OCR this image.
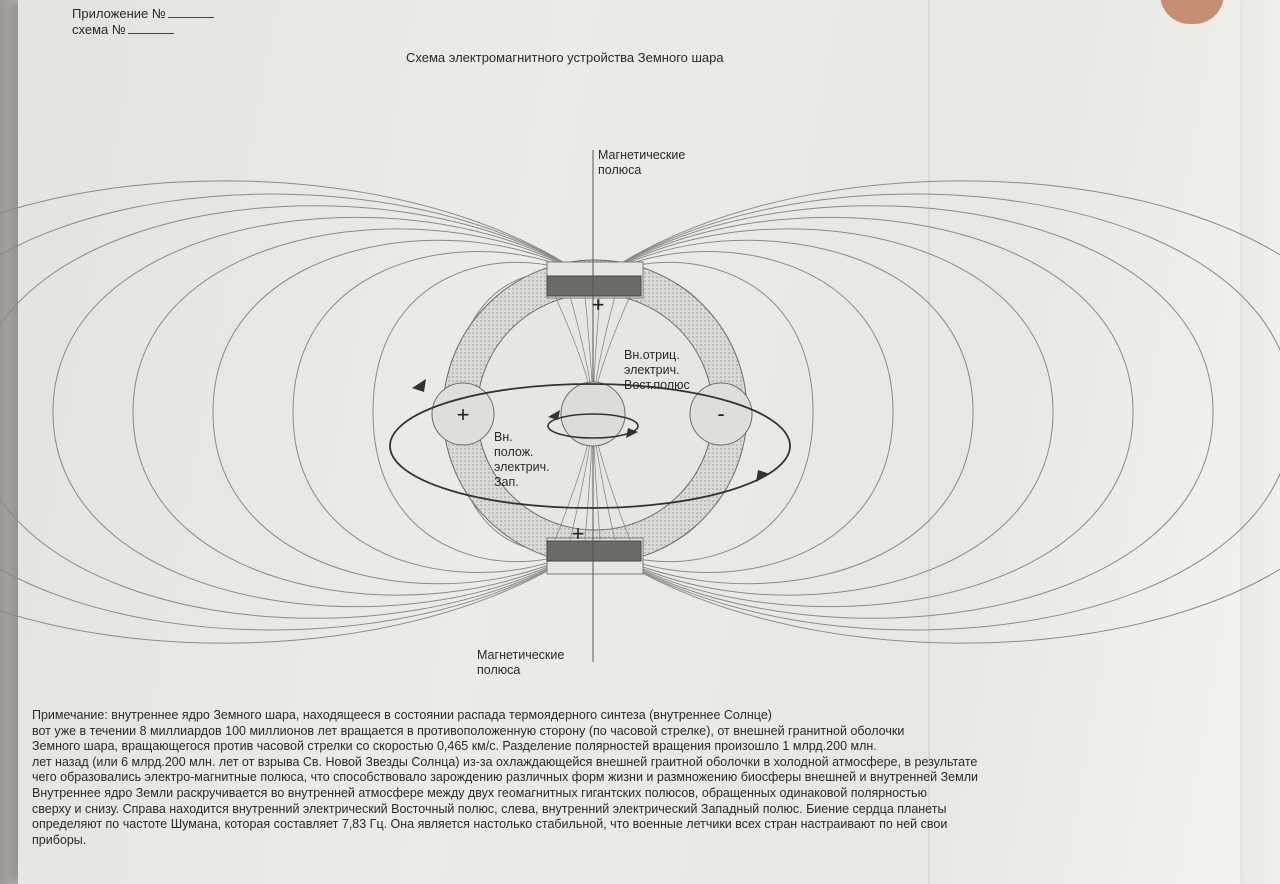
Приложение №
схема №
Схема электромагнитного устройства Земного шара
+
+
+	-
Магнетические
полюса
Магнетические
полюса
Вн.отриц.
электрич.
Вост.полюс
Вн.
полож.
электрич.
Зап.

Примечание: внутреннее ядро Земного шара, находящееся в состоянии распада термоядерного синтеза (внутреннее Солнце)

вот уже в течении 8 миллиардов 100 миллионов лет вращается в противоположенную сторону (по часовой стрелке), от внешней гранитной оболочки

Земного шара, вращающегося против часовой стрелки со скоростью 0,465 км/с. Разделение полярностей вращения произошло 1 млрд.200 млн.

лет назад (или 6 млрд.200 млн. лет от взрыва Св. Новой Звезды Солнца) из-за охлаждающейся внешней граитной оболочки в холодной атмосфере, в результате

чего образовались электро-магнитные полюса, что способствовало зарождению различных форм жизни и размножению биосферы внешней и внутренней Земли

Внутреннее ядро Земли раскручивается во внутренней атмосфере между двух геомагнитных гигантских полюсов, обращенных одинаковой полярностью

сверху и снизу. Справа находится внутренний электрический Восточный полюс, слева, внутренний электрический Западный полюс. Биение сердца планеты

определяют по частоте Шумана, которая составляет 7,83 Гц. Она является настолько стабильной, что военные летчики всех стран настраивают по ней свои

приборы.
